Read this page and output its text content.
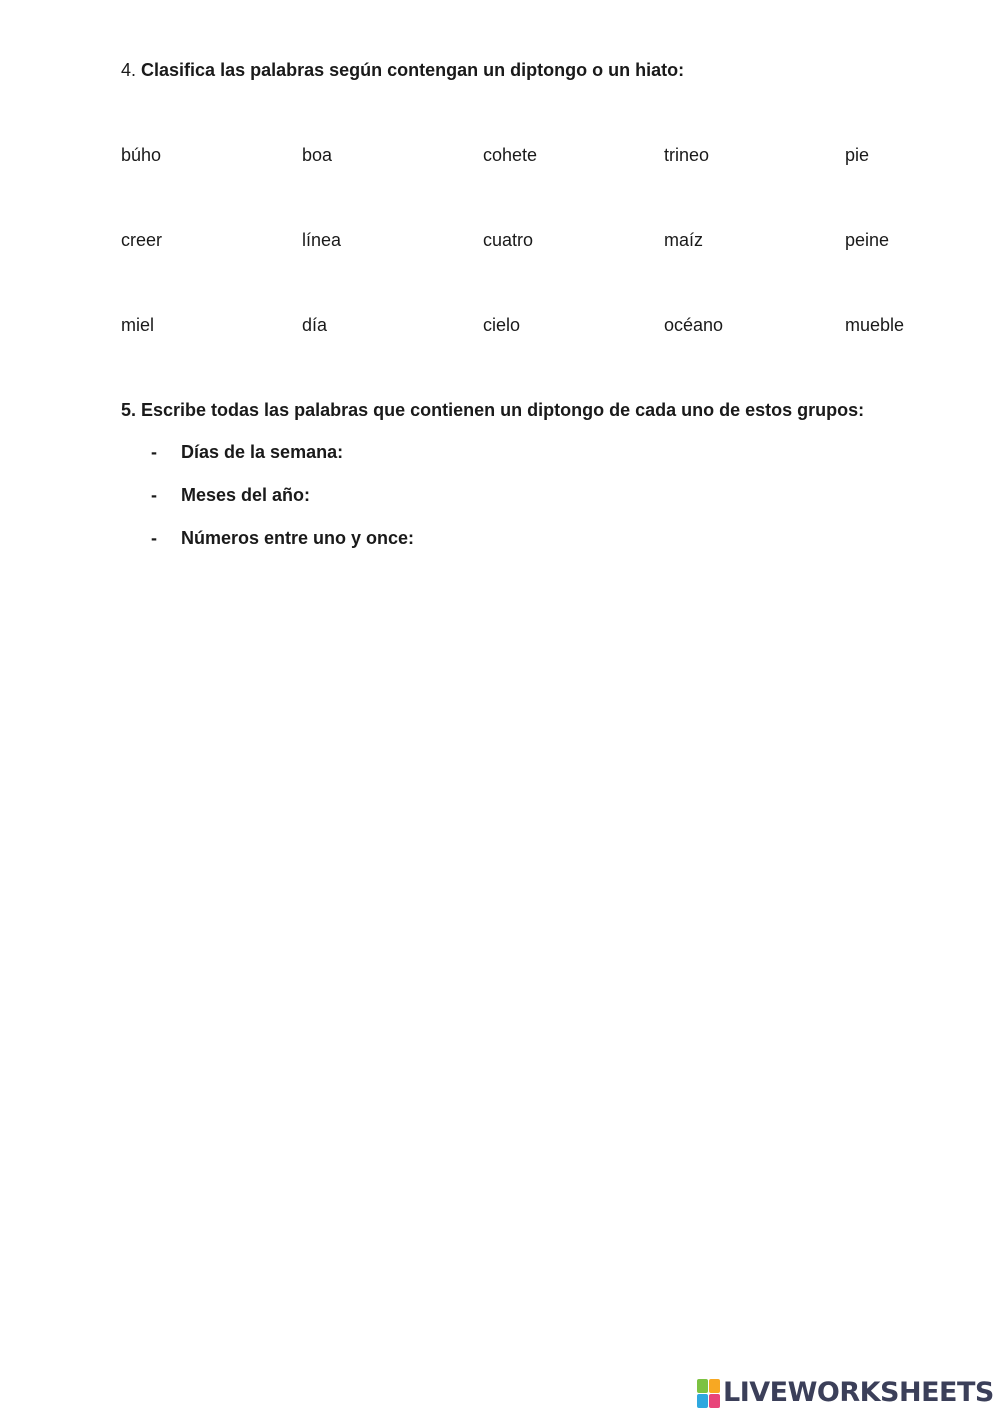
4. Clasifica las palabras según contengan un diptongo o un hiato:
búho	boa	cohete	trineo	pie
creer	línea	cuatro	maíz	peine
miel	día	cielo	océano	mueble
5. Escribe todas las palabras que contienen un diptongo de cada uno de estos grupos:
- Días de la semana:
- Meses del año:
- Números entre uno y once:
LIVEWORKSHEETS
